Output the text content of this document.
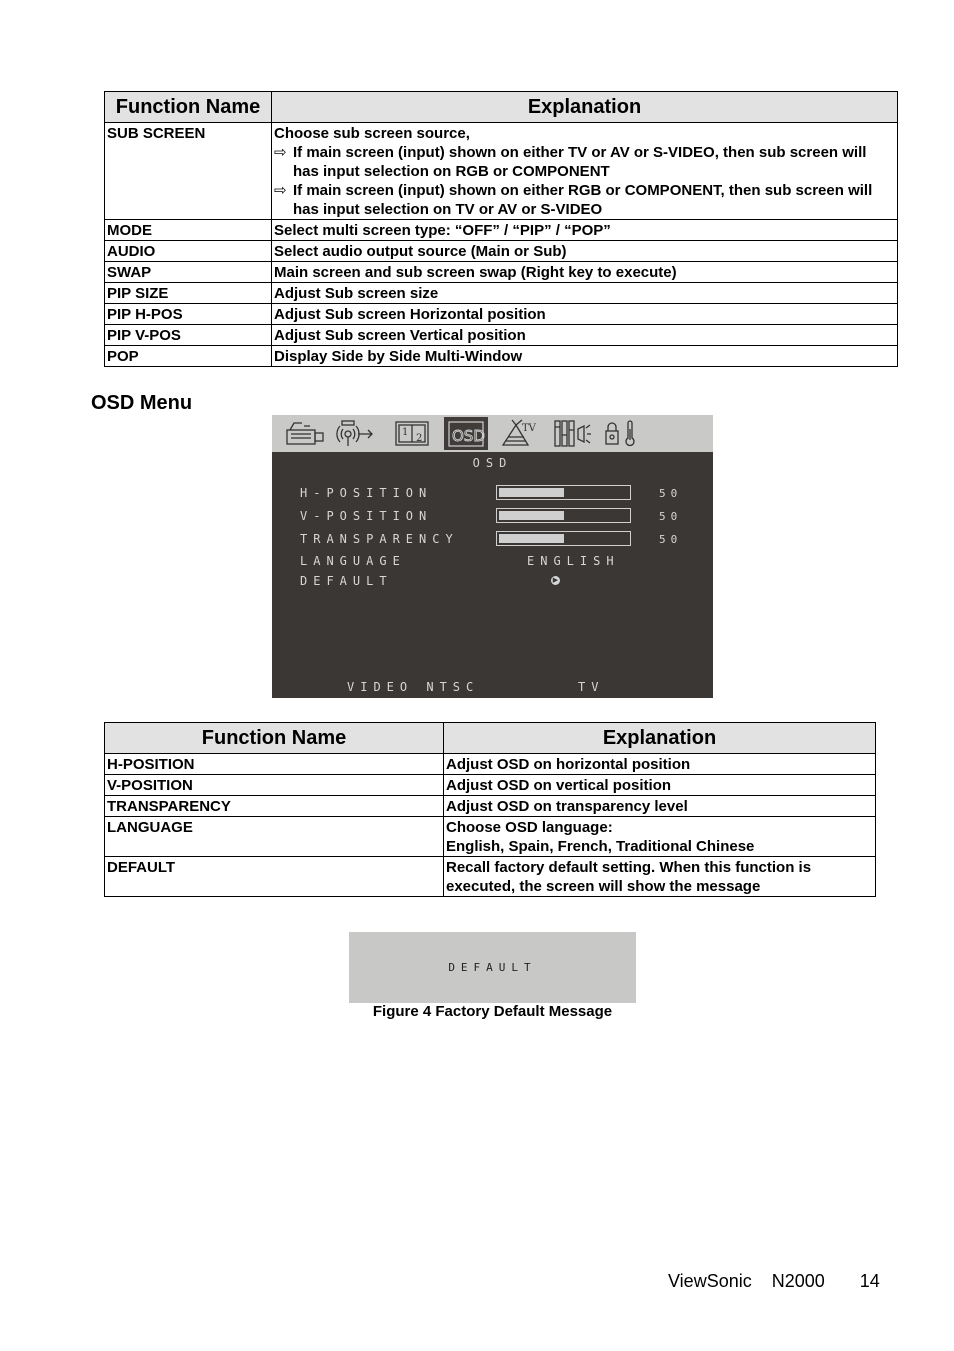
Function Name	Explanation
SUB SCREEN	Choose sub screen source,
⇨ If main screen (input) shown on either TV or AV or S-VIDEO, then sub screen will has input selection on RGB or COMPONENT
⇨ If main screen (input) shown on either RGB or COMPONENT, then sub screen will has input selection on TV or AV or S-VIDEO

MODE	Select multi screen type: “OFF” / “PIP” / “POP”
AUDIO	Select audio output source (Main or Sub)
SWAP	Main screen and sub screen swap (Right key to execute)
PIP SIZE	Adjust Sub screen size
PIP H-POS	Adjust Sub screen Horizontal position
PIP V-POS	Adjust Sub screen Vertical position
POP	Display Side by Side Multi-Window
OSD Menu
1
2 OSD	TV
OSD
H-POSITION	50
V-POSITION	50
TRANSPARENCY	50
LANGUAGE	ENGLISH
DEFAULT	▶
VIDEO NTSC	TV
Function Name	Explanation
H-POSITION	Adjust OSD on horizontal position
V-POSITION	Adjust OSD on vertical position
TRANSPARENCY	Adjust OSD on transparency level
LANGUAGE	Choose OSD language:
English, Spain, French, Traditional Chinese

DEFAULT	Recall factory default setting. When this function is executed, the screen will show the message
DEFAULT
Figure 4 Factory Default Message
ViewSonic N2000 14
